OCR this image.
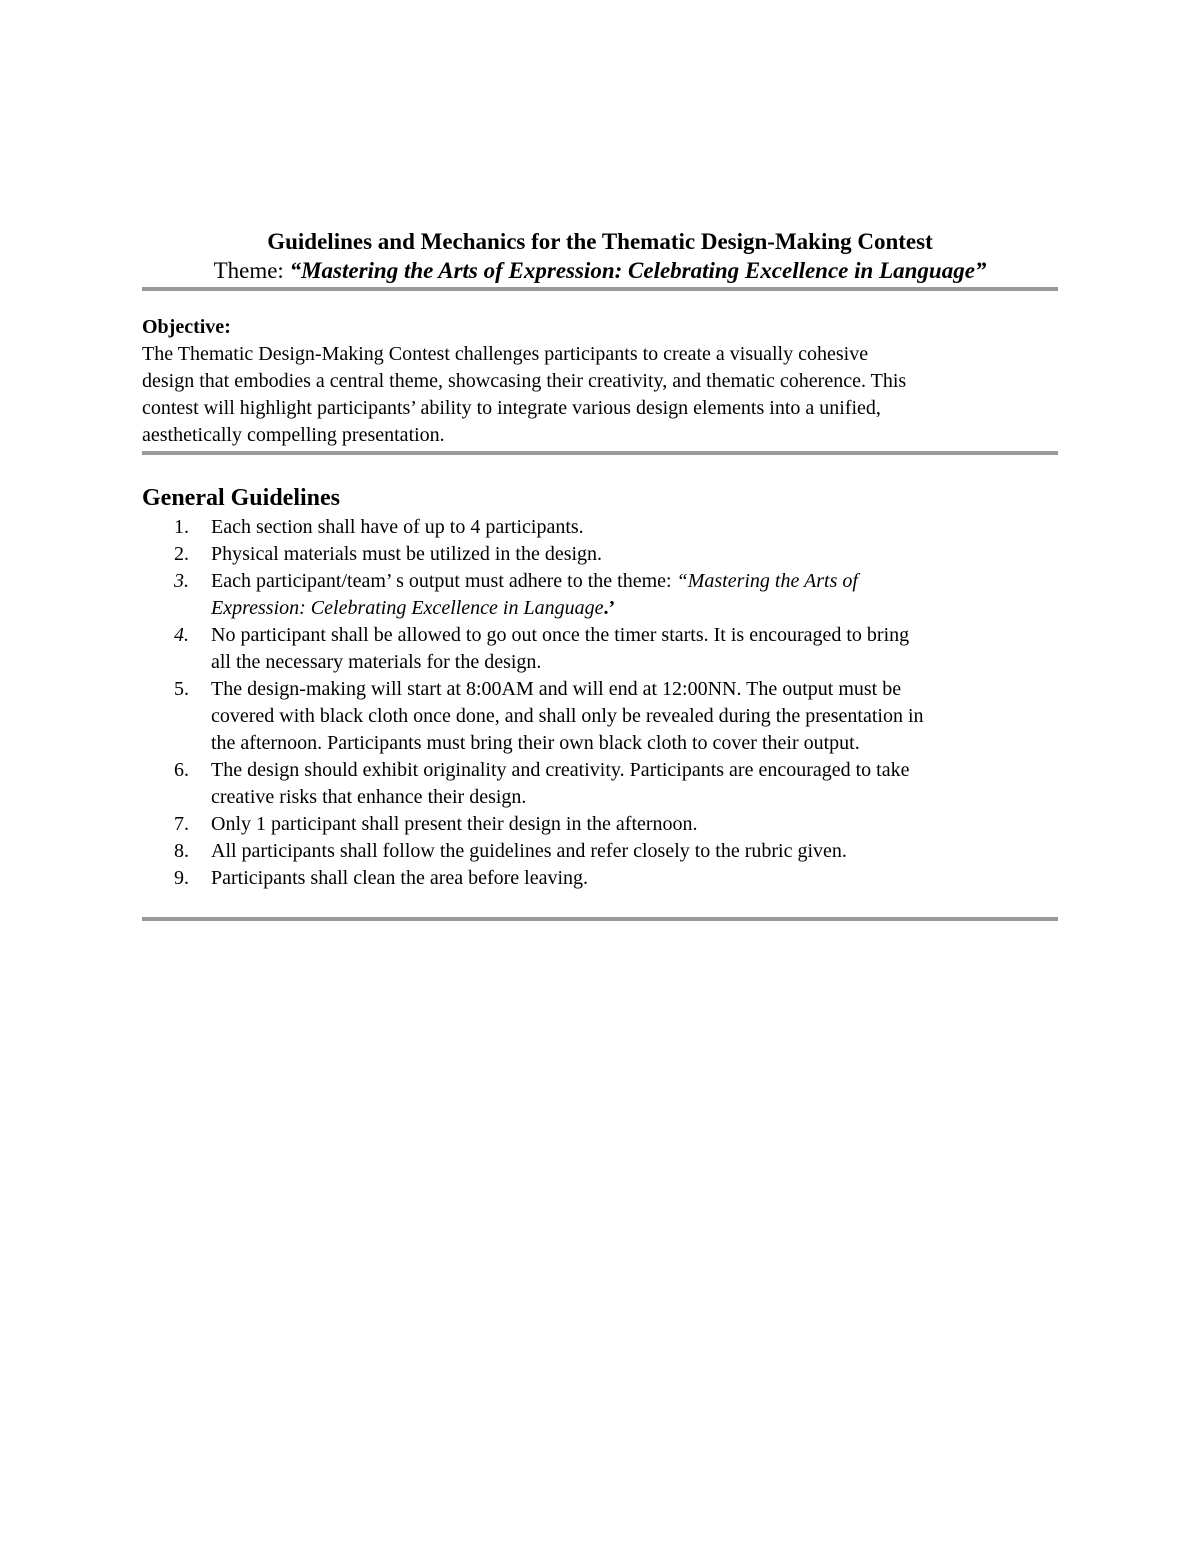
Guidelines and Mechanics for the Thematic Design-Making Contest

Theme: “Mastering the Arts of Expression: Celebrating Excellence in Language”

Objective:

The Thematic Design-Making Contest challenges participants to create a visually cohesive

design that embodies a central theme, showcasing their creativity, and thematic coherence. This

contest will highlight participants’ ability to integrate various design elements into a unified,

aesthetically compelling presentation.

General Guidelines

1.	Each section shall have of up to 4 participants.
2.	Physical materials must be utilized in the design.
3.	Each participant/team’ s output must adhere to the theme: “Mastering the Arts of
Expression: Celebrating Excellence in Language.’
4.	No participant shall be allowed to go out once the timer starts. It is encouraged to bring
all the necessary materials for the design.
5.	The design-making will start at 8:00AM and will end at 12:00NN. The output must be
covered with black cloth once done, and shall only be revealed during the presentation in
the afternoon. Participants must bring their own black cloth to cover their output.
6.	The design should exhibit originality and creativity. Participants are encouraged to take
creative risks that enhance their design.
7.	Only 1 participant shall present their design in the afternoon.
8.	All participants shall follow the guidelines and refer closely to the rubric given.
9.	Participants shall clean the area before leaving.
